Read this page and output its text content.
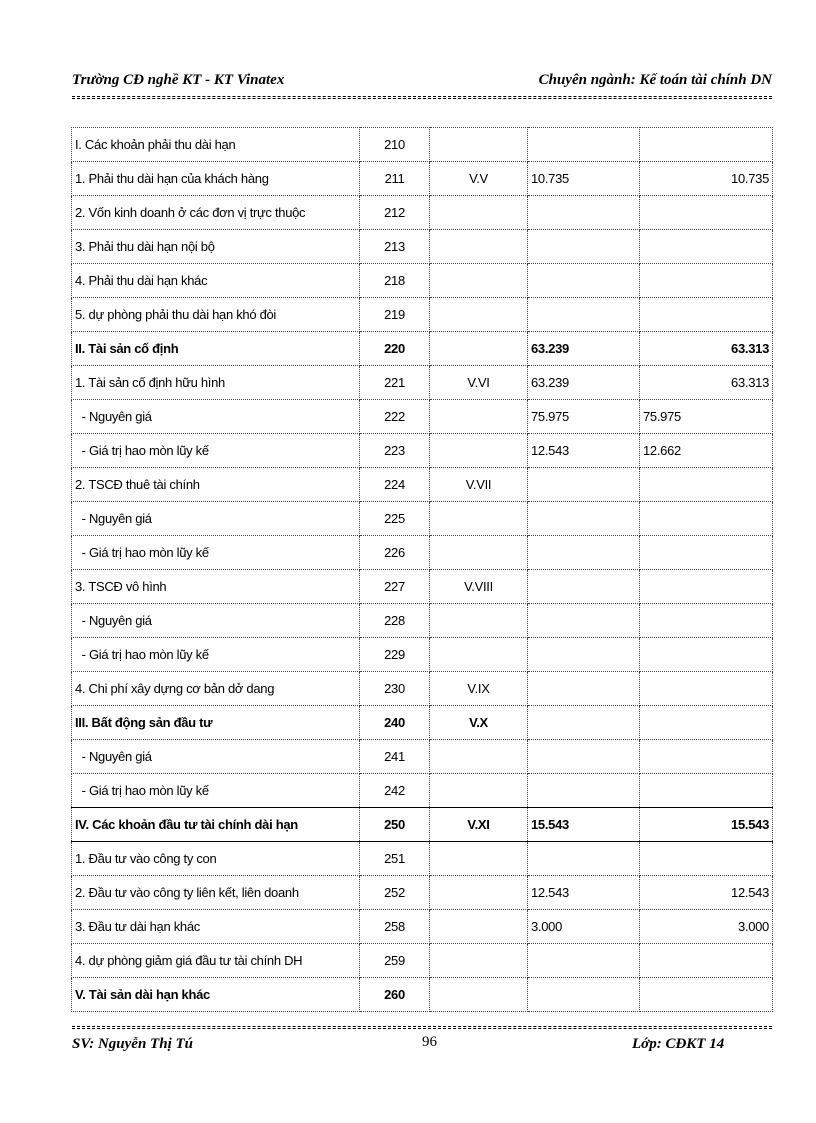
Trường CĐ nghề KT - KT Vinatex	Chuyên ngành: Kế toán tài chính DN
I. Các khoản phải thu dài hạn	210			
1. Phải thu dài hạn của khách hàng	211	V.V	10.735	10.735
2. Vốn kinh doanh ở các đơn vị trực thuộc	212			
3. Phải thu dài hạn nội bộ	213			
4. Phải thu dài hạn khác	218			
5. dự phòng phải thu dài hạn khó đòi	219			
II. Tài sản cố định	220		63.239	63.313
1. Tài sản cố định hữu hình	221	V.VI	63.239	63.313
- Nguyên giá	222		75.975	75.975
- Giá trị hao mòn lũy kế	223		12.543	12.662
2. TSCĐ thuê tài chính	224	V.VII		
- Nguyên giá	225			
- Giá trị hao mòn lũy kế	226			
3. TSCĐ vô hình	227	V.VIII		
- Nguyên giá	228			
- Giá trị hao mòn lũy kế	229			
4. Chi phí xây dựng cơ bản dở dang	230	V.IX		
III. Bất động sản đầu tư	240	V.X		
- Nguyên giá	241			
- Giá trị hao mòn lũy kế	242			
IV. Các khoản đầu tư tài chính dài hạn	250	V.XI	15.543	15.543
1. Đầu tư vào công ty con	251			
2. Đầu tư vào công ty liên kết, liên doanh	252		12.543	12.543
3. Đầu tư dài hạn khác	258		3.000	3.000
4. dự phòng giảm giá đầu tư tài chính DH	259			
V. Tài sản dài hạn khác	260			
SV: Nguyễn Thị Tú	96	Lớp: CĐKT 14
